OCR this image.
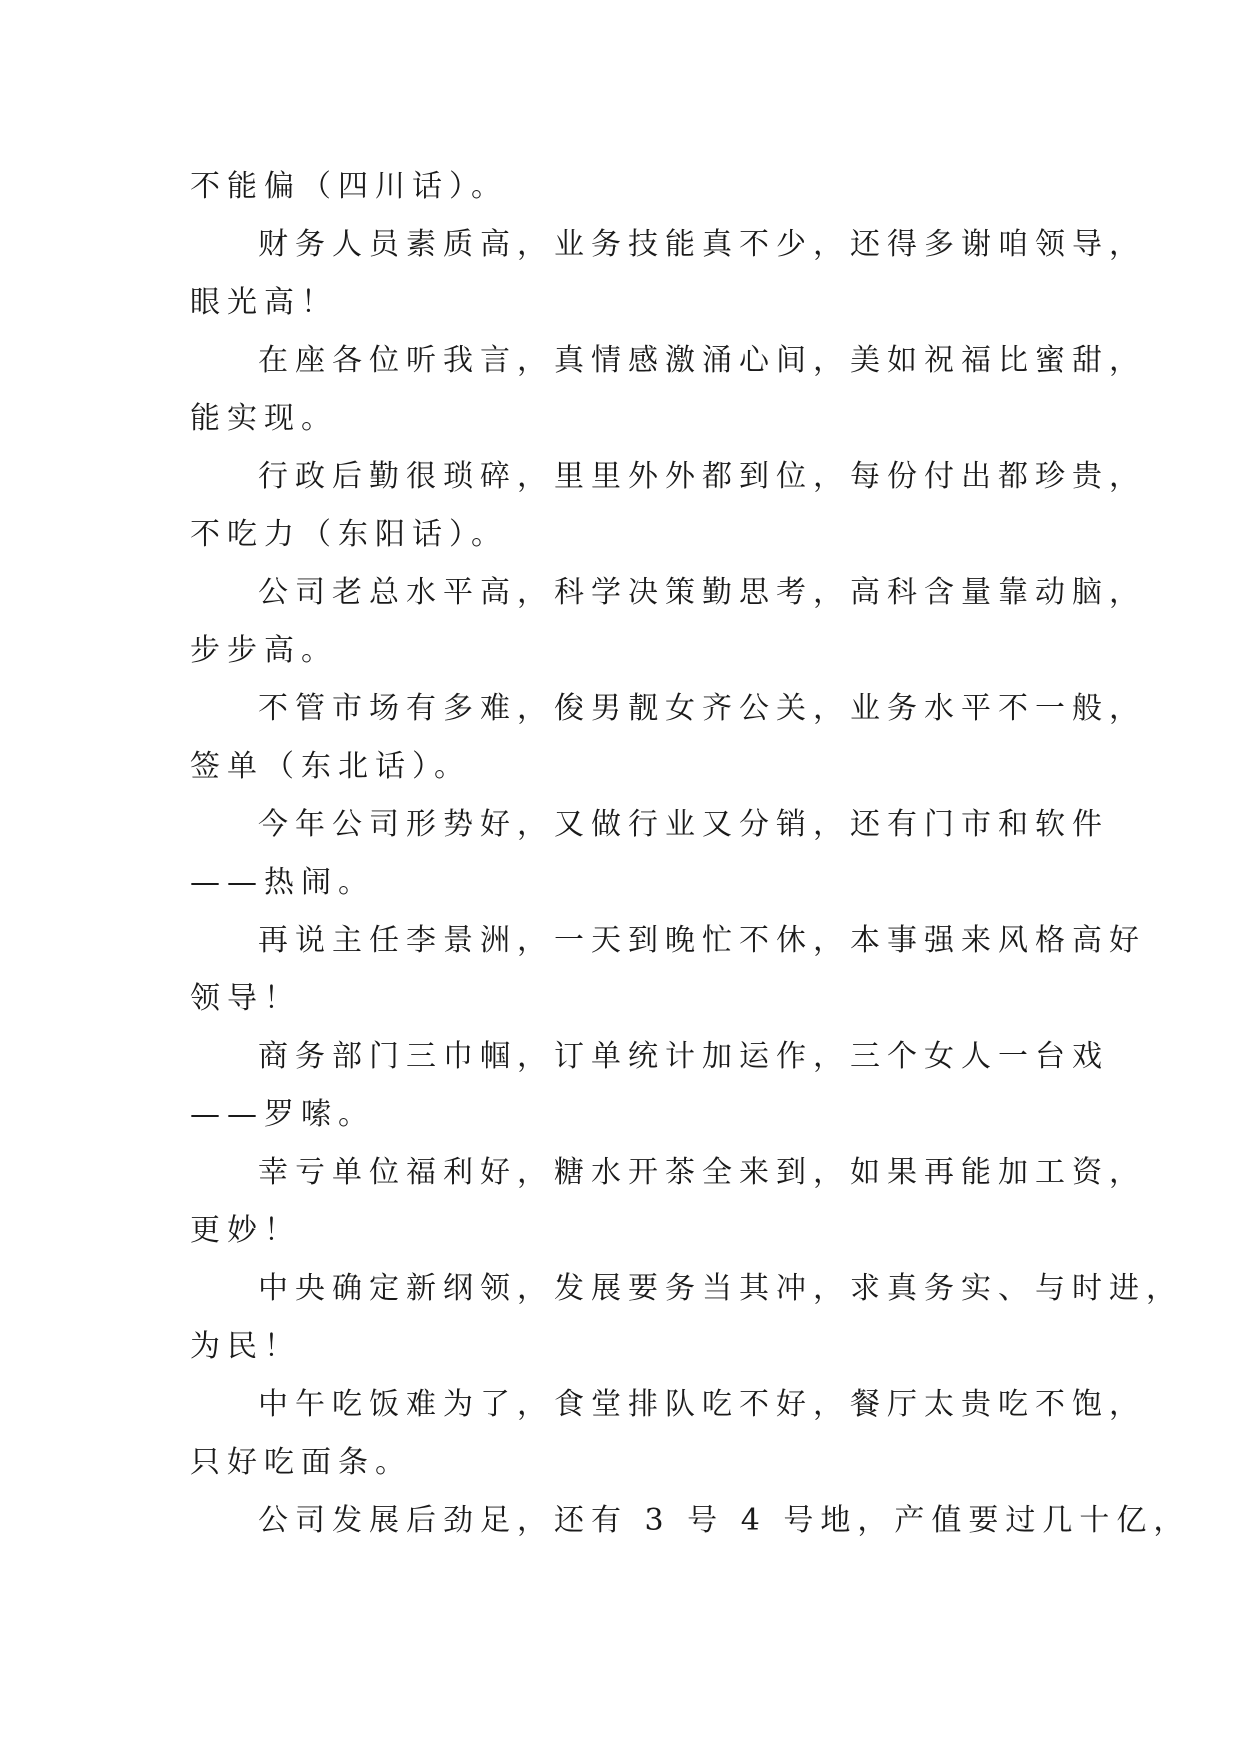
不能偏（四川话）。

财务人员素质高，业务技能真不少，还得多谢咱领导，
眼光高！

在座各位听我言，真情感激涌心间，美如祝福比蜜甜，
能实现。

行政后勤很琐碎，里里外外都到位，每份付出都珍贵，
不吃力（东阳话）。

公司老总水平高，科学决策勤思考，高科含量靠动脑，
步步高。

不管市场有多难，俊男靓女齐公关，业务水平不一般，
签单（东北话）。

今年公司形势好，又做行业又分销，还有门市和软件
——热闹。

再说主任李景洲，一天到晚忙不休，本事强来风格高好
领导！

商务部门三巾帼，订单统计加运作，三个女人一台戏
——罗嗦。

幸亏单位福利好，糖水开茶全来到，如果再能加工资，
更妙！

中央确定新纲领，发展要务当其冲，求真务实、与时进，
为民！

中午吃饭难为了，食堂排队吃不好，餐厅太贵吃不饱，
只好吃面条。

公司发展后劲足，还有 3 号 4 号地，产值要过几十亿，
